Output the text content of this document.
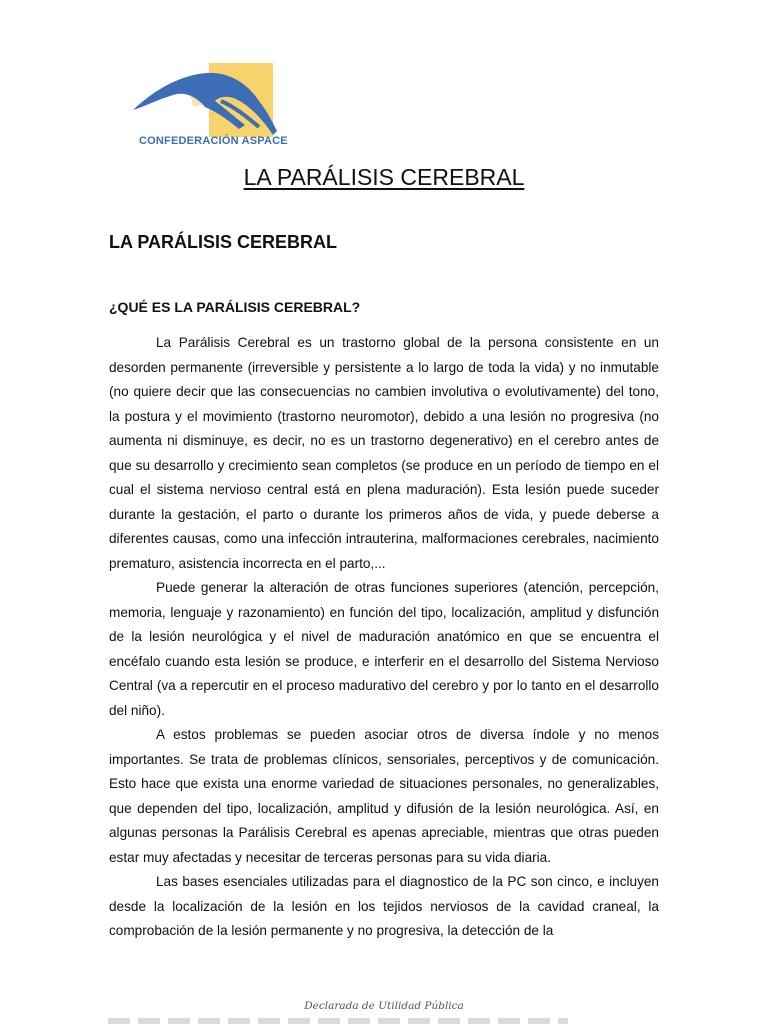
CONFEDERACIÓN ASPACE
LA PARÁLISIS CEREBRAL
LA PARÁLISIS CEREBRAL
¿QUÉ ES LA PARÁLISIS CEREBRAL?

La Parálisis Cerebral es un trastorno global de la persona consistente en un desorden permanente (irreversible y persistente a lo largo de toda la vida) y no inmutable (no quiere decir que las consecuencias no cambien involutiva o evolutivamente) del tono, la postura y el movimiento (trastorno neuromotor), debido a una lesión no progresiva (no aumenta ni disminuye, es decir, no es un trastorno degenerativo) en el cerebro antes de que su desarrollo y crecimiento sean completos (se produce en un período de tiempo en el cual el sistema nervioso central está en plena maduración). Esta lesión puede suceder durante la gestación, el parto o durante los primeros años de vida, y puede deberse a diferentes causas, como una infección intrauterina, malformaciones cerebrales, nacimiento prematuro, asistencia incorrecta en el parto,...

Puede generar la alteración de otras funciones superiores (atención, percepción, memoria, lenguaje y razonamiento) en función del tipo, localización, amplitud y disfunción de la lesión neurológica y el nivel de maduración anatómico en que se encuentra el encéfalo cuando esta lesión se produce, e interferir en el desarrollo del Sistema Nervioso Central (va a repercutir en el proceso madurativo del cerebro y por lo tanto en el desarrollo del niño).

A estos problemas se pueden asociar otros de diversa índole y no menos importantes. Se trata de problemas clínicos, sensoriales, perceptivos y de comunicación. Esto hace que exista una enorme variedad de situaciones personales, no generalizables, que dependen del tipo, localización, amplitud y difusión de la lesión neurológica. Así, en algunas personas la Parálisis Cerebral es apenas apreciable, mientras que otras pueden estar muy afectadas y necesitar de terceras personas para su vida diaria.

Las bases esenciales utilizadas para el diagnostico de la PC son cinco, e incluyen desde la localización de la lesión en los tejidos nerviosos de la cavidad craneal, la comprobación de la lesión permanente y no progresiva, la detección de la

Declarada de Utilidad Pública
